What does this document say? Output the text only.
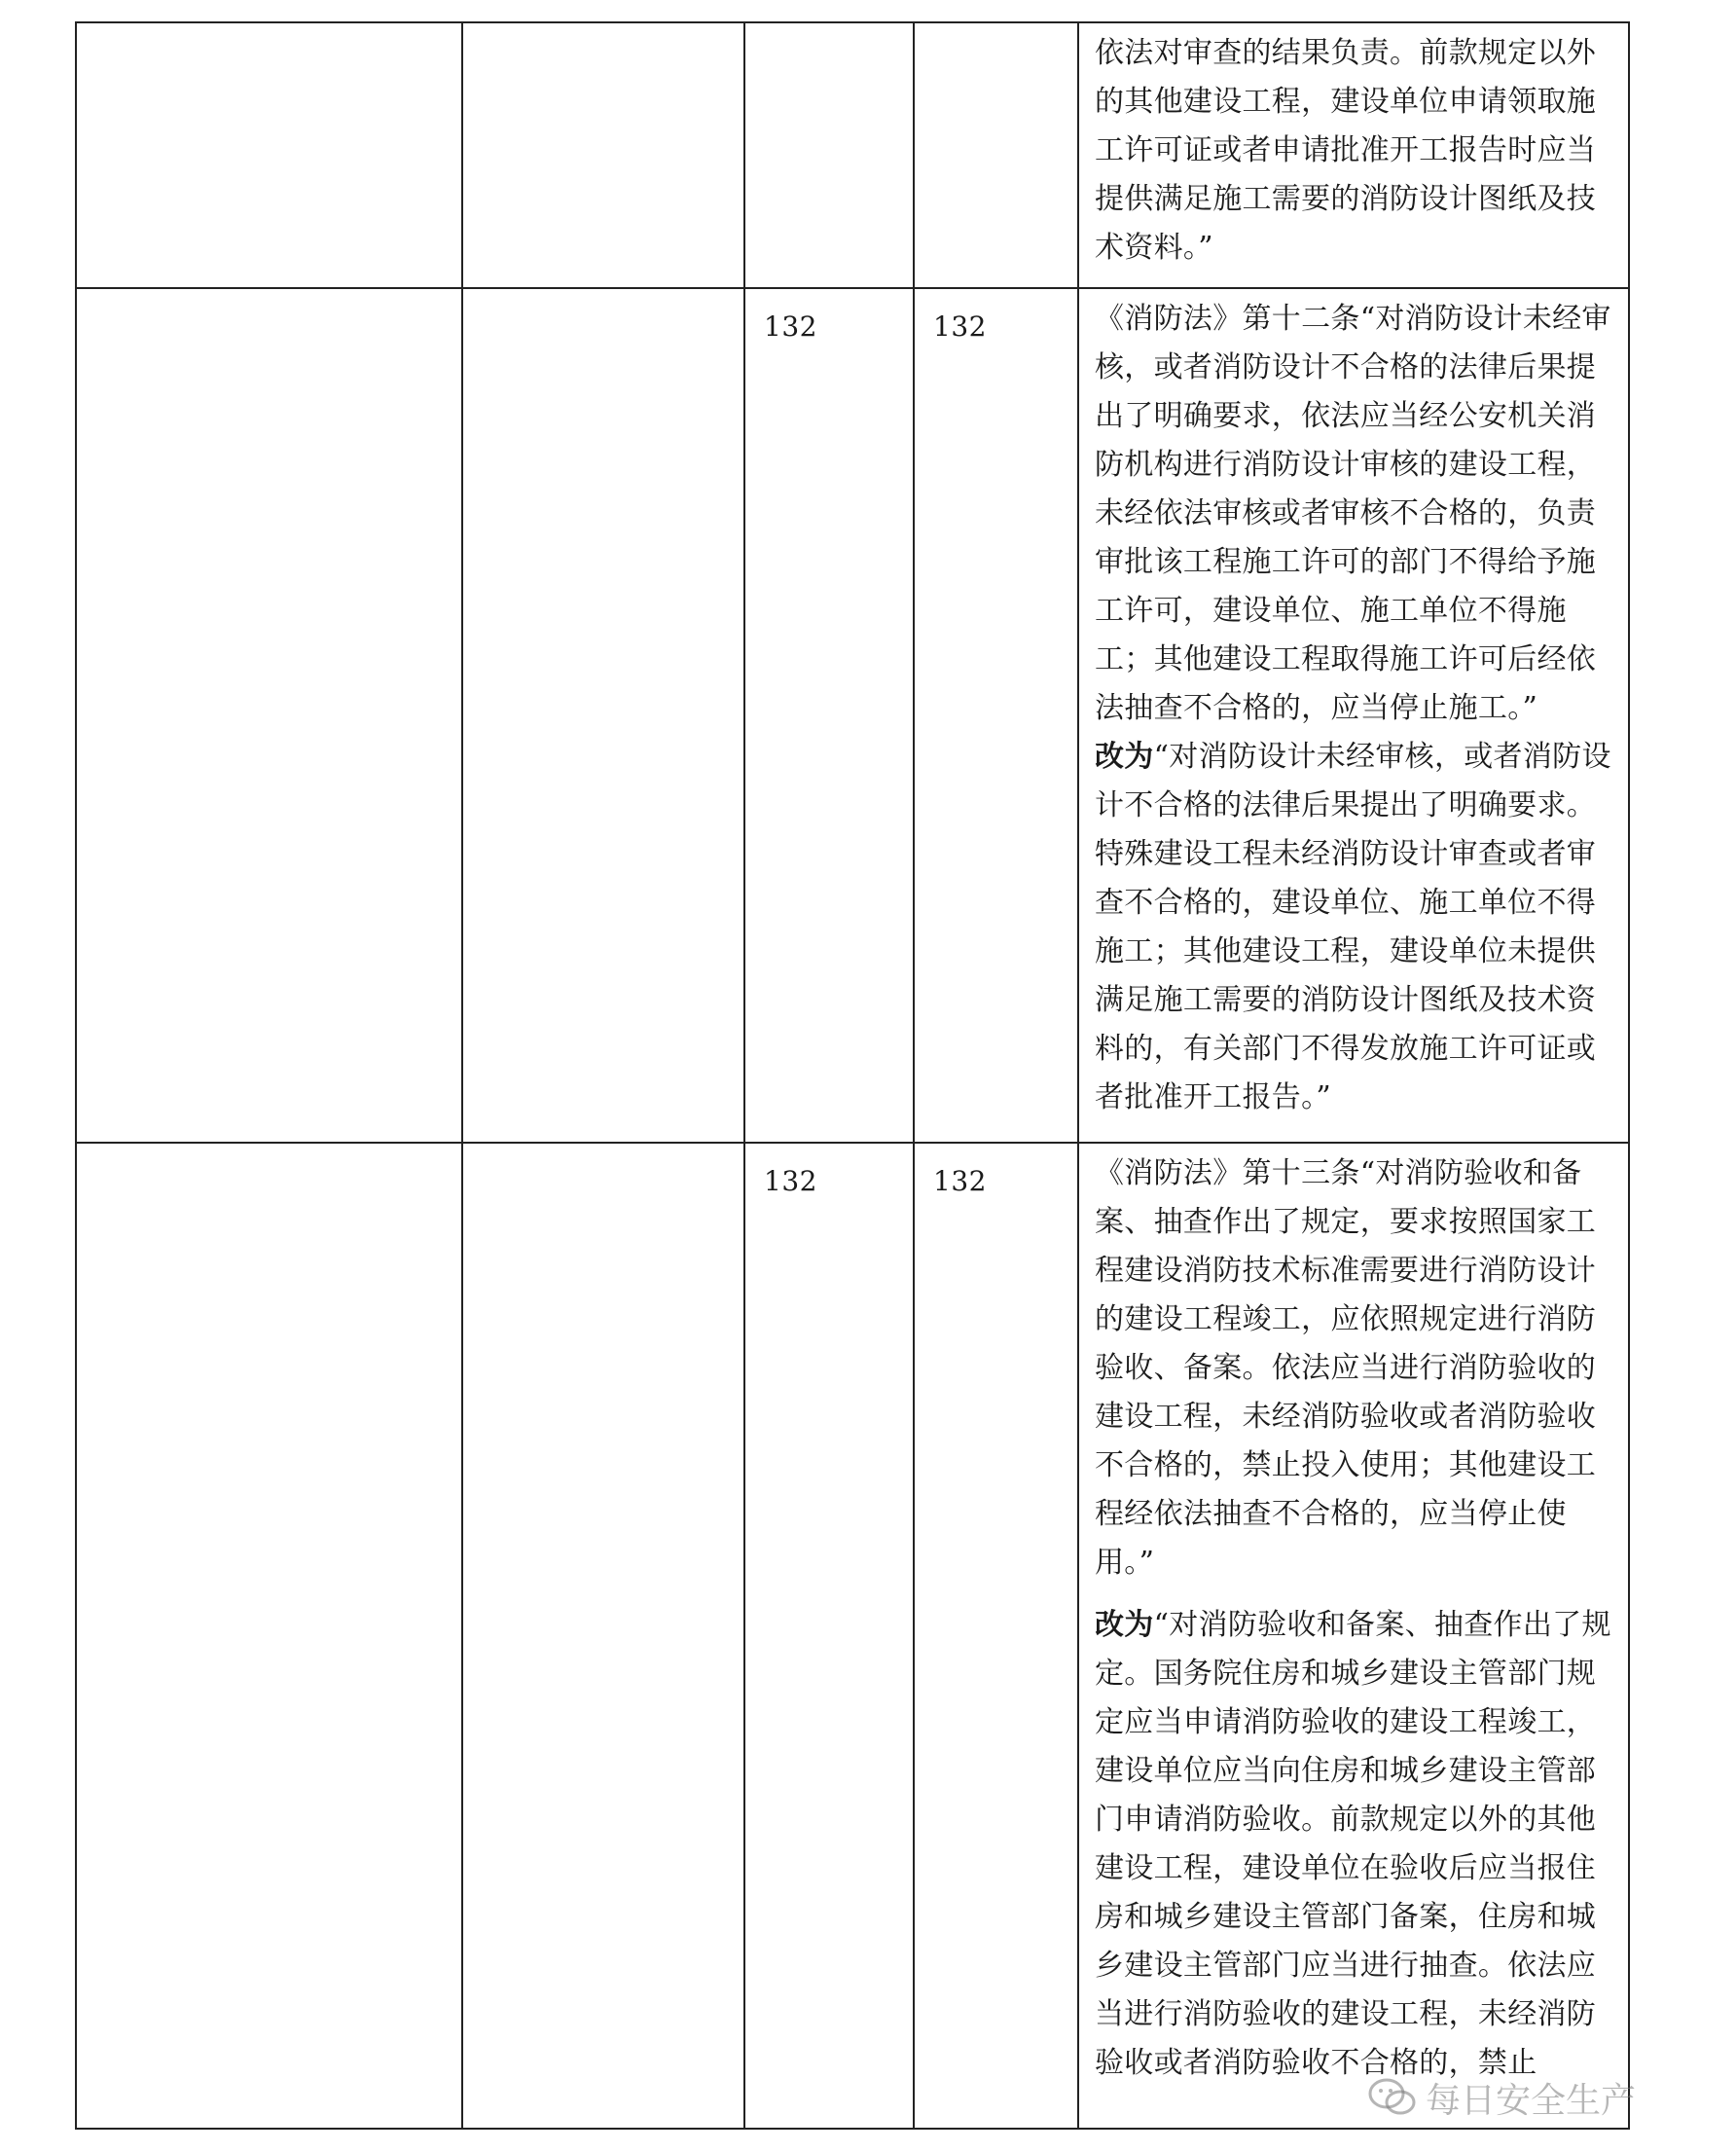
				依法对审查的结果负责。前款规定以外的其他建设工程，建设单位申请领取施工许可证或者申请批准开工报告时应当提供满足施工需要的消防设计图纸及技术资料。”

		132	132	《消防法》第十二条“对消防设计未经审核，或者消防设计不合格的法律后果提出了明确要求，依法应当经公安机关消防机构进行消防设计审核的建设工程，未经依法审核或者审核不合格的，负责审批该工程施工许可的部门不得给予施工许可，建设单位、施工单位不得施工；其他建设工程取得施工许可后经依法抽查不合格的，应当停止施工。”

改为“对消防设计未经审核，或者消防设计不合格的法律后果提出了明确要求。特殊建设工程未经消防设计审查或者审查不合格的，建设单位、施工单位不得施工；其他建设工程，建设单位未提供满足施工需要的消防设计图纸及技术资料的，有关部门不得发放施工许可证或者批准开工报告。”

		132	132	《消防法》第十三条“对消防验收和备案、抽查作出了规定，要求按照国家工程建设消防技术标准需要进行消防设计的建设工程竣工，应依照规定进行消防验收、备案。依法应当进行消防验收的建设工程，未经消防验收或者消防验收不合格的，禁止投入使用；其他建设工程经依法抽查不合格的，应当停止使用。”

改为“对消防验收和备案、抽查作出了规定。国务院住房和城乡建设主管部门规定应当申请消防验收的建设工程竣工，建设单位应当向住房和城乡建设主管部门申请消防验收。前款规定以外的其他建设工程，建设单位在验收后应当报住房和城乡建设主管部门备案，住房和城乡建设主管部门应当进行抽查。依法应当进行消防验收的建设工程，未经消防验收或者消防验收不合格的，禁止

每日安全生产
